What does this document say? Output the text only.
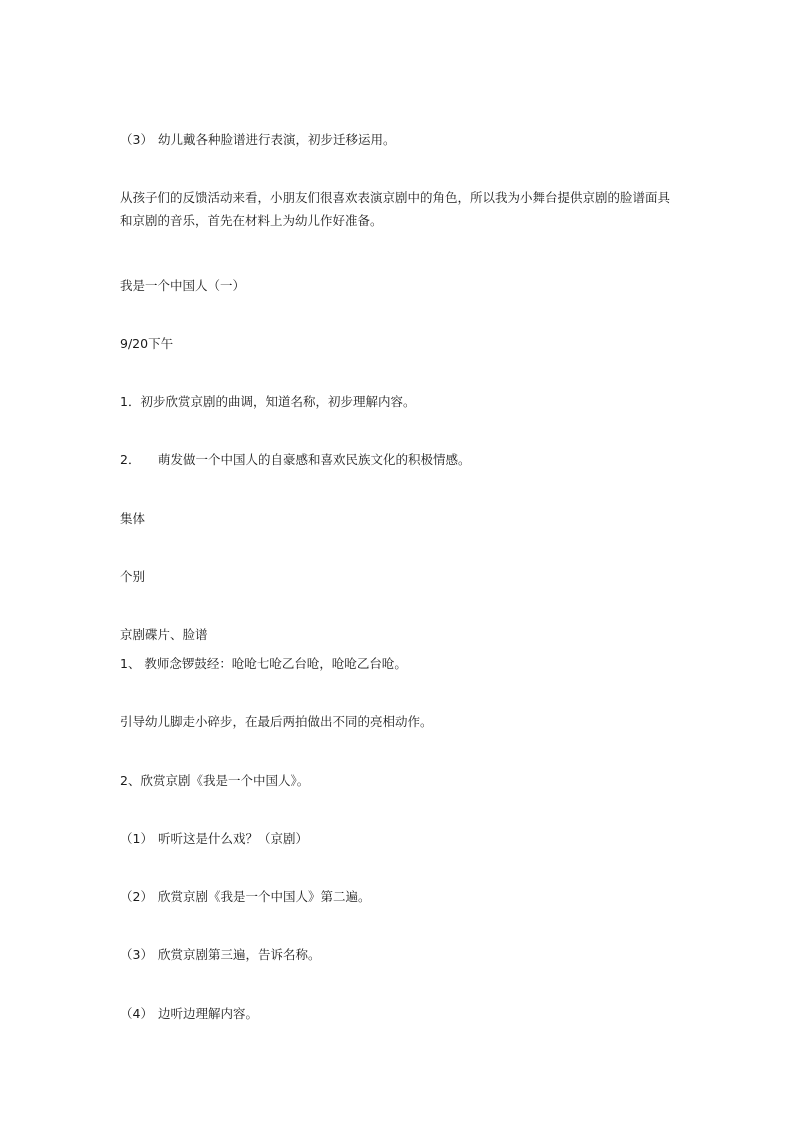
（3） 幼儿戴各种脸谱进行表演，初步迁移运用。
从孩子们的反馈活动来看，小朋友们很喜欢表演京剧中的角色，所以我为小舞台提供京剧的脸谱面具和京剧的音乐，首先在材料上为幼儿作好准备。
我是一个中国人（一）
9/20下午
1．初步欣赏京剧的曲调，知道名称，初步理解内容。
2． 萌发做一个中国人的自豪感和喜欢民族文化的积极情感。
集体
个别
京剧碟片、脸谱
1、 教师念锣鼓经：呛呛七呛乙台呛，呛呛乙台呛。
引导幼儿脚走小碎步，在最后两拍做出不同的亮相动作。
2、欣赏京剧《我是一个中国人》。
（1） 听听这是什么戏？（京剧）
（2） 欣赏京剧《我是一个中国人》第二遍。
（3） 欣赏京剧第三遍，告诉名称。
（4） 边听边理解内容。
